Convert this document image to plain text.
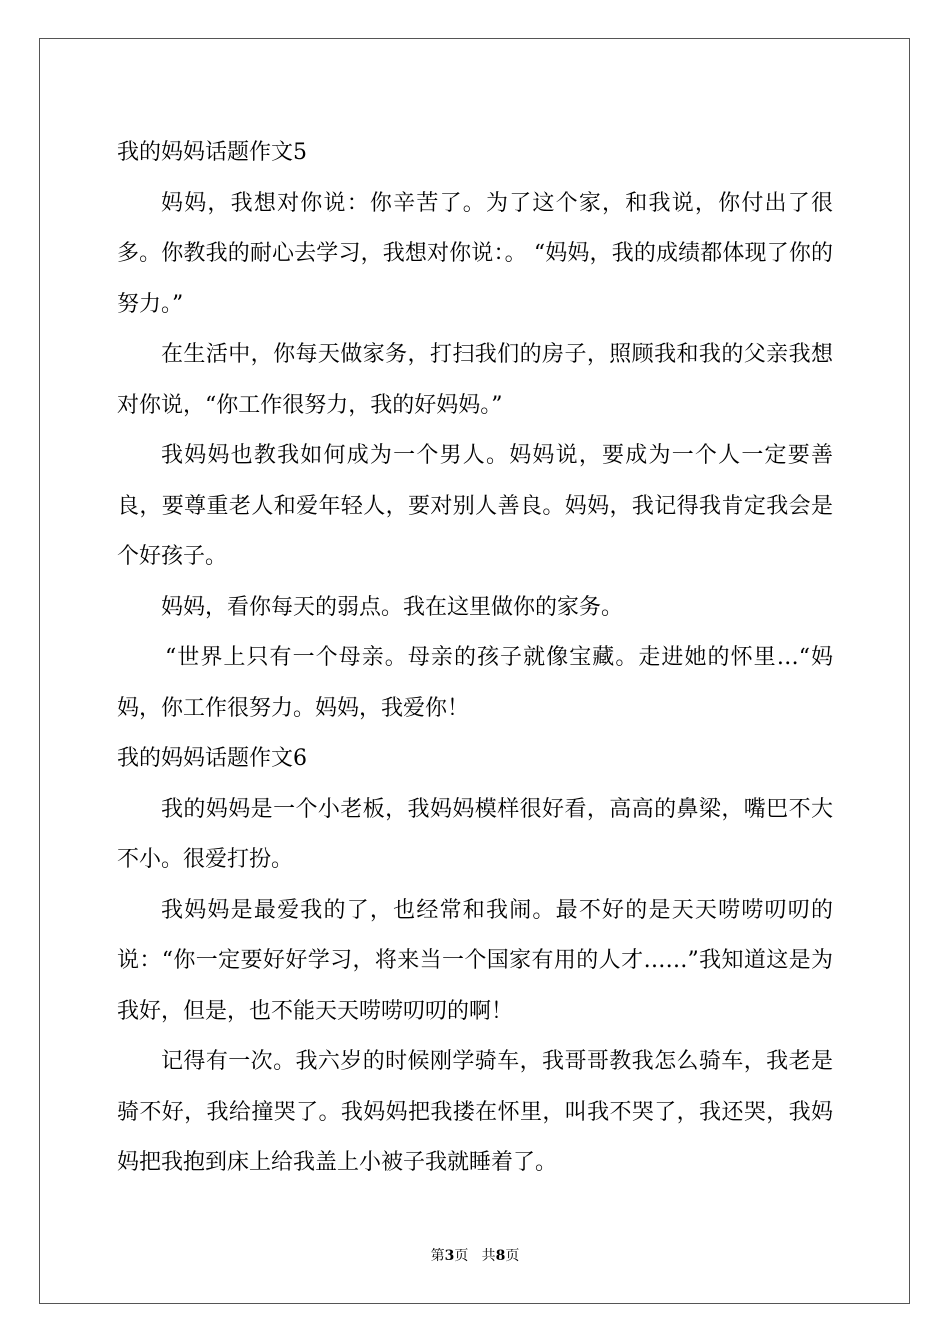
我的妈妈话题作文5

妈妈，我想对你说：你辛苦了。为了这个家，和我说，你付出了很多。你教我的耐心去学习，我想对你说：。 “妈妈，我的成绩都体现了你的努力。”

在生活中，你每天做家务，打扫我们的房子，照顾我和我的父亲我想对你说，“你工作很努力，我的好妈妈。”

我妈妈也教我如何成为一个男人。妈妈说，要成为一个人一定要善良，要尊重老人和爱年轻人，要对别人善良。妈妈，我记得我肯定我会是个好孩子。

妈妈，看你每天的弱点。我在这里做你的家务。

“世界上只有一个母亲。母亲的孩子就像宝藏。走进她的怀里…“妈妈，你工作很努力。妈妈，我爱你！

我的妈妈话题作文6

我的妈妈是一个小老板，我妈妈模样很好看，高高的鼻梁，嘴巴不大不小。很爱打扮。

我妈妈是最爱我的了，也经常和我闹。最不好的是天天唠唠叨叨的说：“你一定要好好学习，将来当一个国家有用的人才……”我知道这是为我好，但是，也不能天天唠唠叨叨的啊！

记得有一次。我六岁的时候刚学骑车，我哥哥教我怎么骑车，我老是骑不好，我给撞哭了。我妈妈把我搂在怀里，叫我不哭了，我还哭，我妈妈把我抱到床上给我盖上小被子我就睡着了。

第3页 共8页
